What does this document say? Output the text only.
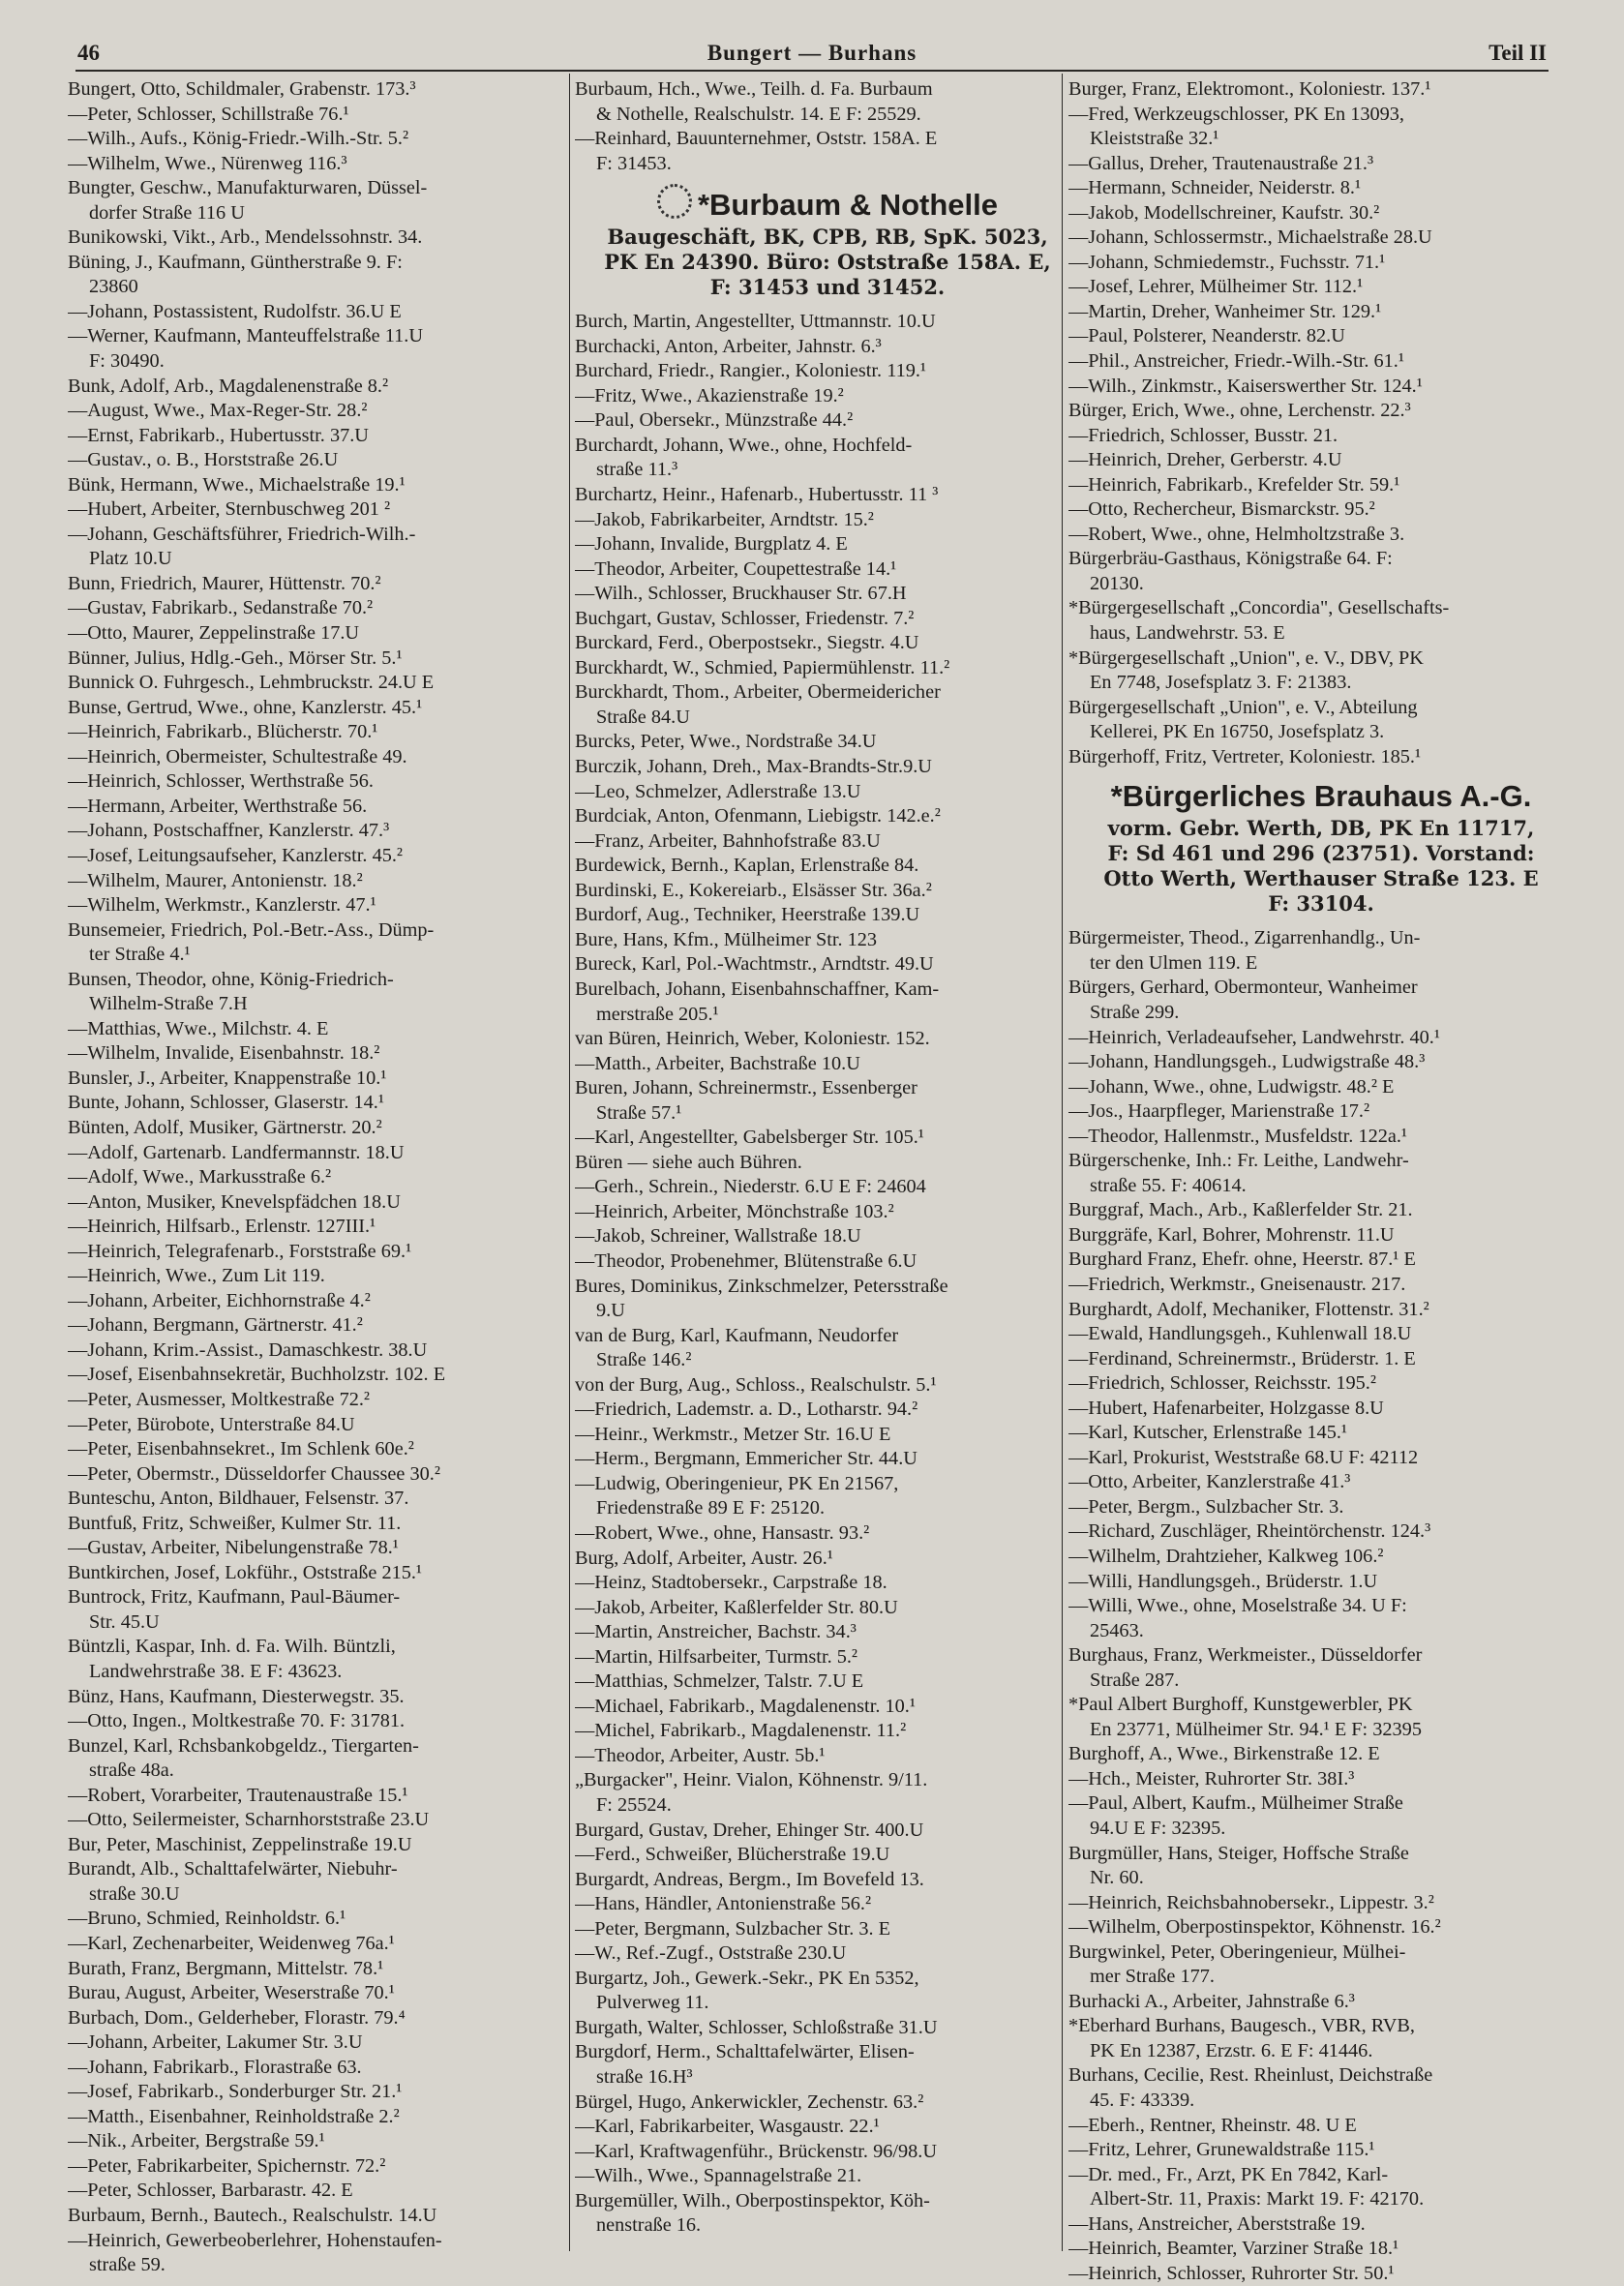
46	Bungert — Burhans	Teil II
Bungert, Otto, Schildmaler, Grabenstr. 173.³
—Peter, Schlosser, Schillstraße 76.¹
—Wilh., Aufs., König-Friedr.-Wilh.-Str. 5.²
—Wilhelm, Wwe., Nürenweg 116.³
Bungter, Geschw., Manufakturwaren, Düssel-
dorfer Straße 116 U
Bunikowski, Vikt., Arb., Mendelssohnstr. 34.
Büning, J., Kaufmann, Güntherstraße 9. F:
23860
—Johann, Postassistent, Rudolfstr. 36.U E
—Werner, Kaufmann, Manteuffelstraße 11.U
F: 30490.
Bunk, Adolf, Arb., Magdalenenstraße 8.²
—August, Wwe., Max-Reger-Str. 28.²
—Ernst, Fabrikarb., Hubertusstr. 37.U
—Gustav., o. B., Horststraße 26.U
Bünk, Hermann, Wwe., Michaelstraße 19.¹
—Hubert, Arbeiter, Sternbuschweg 201 ²
—Johann, Geschäftsführer, Friedrich-Wilh.-
Platz 10.U
Bunn, Friedrich, Maurer, Hüttenstr. 70.²
—Gustav, Fabrikarb., Sedanstraße 70.²
—Otto, Maurer, Zeppelinstraße 17.U
Bünner, Julius, Hdlg.-Geh., Mörser Str. 5.¹
Bunnick O. Fuhrgesch., Lehmbruckstr. 24.U E
Bunse, Gertrud, Wwe., ohne, Kanzlerstr. 45.¹
—Heinrich, Fabrikarb., Blücherstr. 70.¹
—Heinrich, Obermeister, Schultestraße 49.
—Heinrich, Schlosser, Werthstraße 56.
—Hermann, Arbeiter, Werthstraße 56.
—Johann, Postschaffner, Kanzlerstr. 47.³
—Josef, Leitungsaufseher, Kanzlerstr. 45.²
—Wilhelm, Maurer, Antonienstr. 18.²
—Wilhelm, Werkmstr., Kanzlerstr. 47.¹
Bunsemeier, Friedrich, Pol.-Betr.-Ass., Dümp-
ter Straße 4.¹
Bunsen, Theodor, ohne, König-Friedrich-
Wilhelm-Straße 7.H
—Matthias, Wwe., Milchstr. 4. E
—Wilhelm, Invalide, Eisenbahnstr. 18.²
Bunsler, J., Arbeiter, Knappenstraße 10.¹
Bunte, Johann, Schlosser, Glaserstr. 14.¹
Bünten, Adolf, Musiker, Gärtnerstr. 20.²
—Adolf, Gartenarb. Landfermannstr. 18.U
—Adolf, Wwe., Markusstraße 6.²
—Anton, Musiker, Knevelspfädchen 18.U
—Heinrich, Hilfsarb., Erlenstr. 127III.¹
—Heinrich, Telegrafenarb., Forststraße 69.¹
—Heinrich, Wwe., Zum Lit 119.
—Johann, Arbeiter, Eichhornstraße 4.²
—Johann, Bergmann, Gärtnerstr. 41.²
—Johann, Krim.-Assist., Damaschkestr. 38.U
—Josef, Eisenbahnsekretär, Buchholzstr. 102. E
—Peter, Ausmesser, Moltkestraße 72.²
—Peter, Bürobote, Unterstraße 84.U
—Peter, Eisenbahnsekret., Im Schlenk 60e.²
—Peter, Obermstr., Düsseldorfer Chaussee 30.²
Bunteschu, Anton, Bildhauer, Felsenstr. 37.
Buntfuß, Fritz, Schweißer, Kulmer Str. 11.
—Gustav, Arbeiter, Nibelungenstraße 78.¹
Buntkirchen, Josef, Lokführ., Oststraße 215.¹
Buntrock, Fritz, Kaufmann, Paul-Bäumer-
Str. 45.U
Büntzli, Kaspar, Inh. d. Fa. Wilh. Büntzli,
Landwehrstraße 38. E F: 43623.
Bünz, Hans, Kaufmann, Diesterwegstr. 35.
—Otto, Ingen., Moltkestraße 70. F: 31781.
Bunzel, Karl, Rchsbankobgeldz., Tiergarten-
straße 48a.
—Robert, Vorarbeiter, Trautenaustraße 15.¹
—Otto, Seilermeister, Scharnhorststraße 23.U
Bur, Peter, Maschinist, Zeppelinstraße 19.U
Burandt, Alb., Schalttafelwärter, Niebuhr-
straße 30.U
—Bruno, Schmied, Reinholdstr. 6.¹
—Karl, Zechenarbeiter, Weidenweg 76a.¹
Burath, Franz, Bergmann, Mittelstr. 78.¹
Burau, August, Arbeiter, Weserstraße 70.¹
Burbach, Dom., Gelderheber, Florastr. 79.⁴
—Johann, Arbeiter, Lakumer Str. 3.U
—Johann, Fabrikarb., Florastraße 63.
—Josef, Fabrikarb., Sonderburger Str. 21.¹
—Matth., Eisenbahner, Reinholdstraße 2.²
—Nik., Arbeiter, Bergstraße 59.¹
—Peter, Fabrikarbeiter, Spichernstr. 72.²
—Peter, Schlosser, Barbarastr. 42. E
Burbaum, Bernh., Bautech., Realschulstr. 14.U
—Heinrich, Gewerbeoberlehrer, Hohenstaufen-
straße 59.
Burbaum, Hch., Wwe., Teilh. d. Fa. Burbaum
& Nothelle, Realschulstr. 14. E F: 25529.
—Reinhard, Bauunternehmer, Oststr. 158A. E
F: 31453.
*Burbaum & Nothelle
Baugeschäft, BK, CPB, RB, SpK. 5023,
PK En 24390. Büro: Oststraße 158A. E,
F: 31453 und 31452.
Burch, Martin, Angestellter, Uttmannstr. 10.U
Burchacki, Anton, Arbeiter, Jahnstr. 6.³
Burchard, Friedr., Rangier., Koloniestr. 119.¹
—Fritz, Wwe., Akazienstraße 19.²
—Paul, Obersekr., Münzstraße 44.²
Burchardt, Johann, Wwe., ohne, Hochfeld-
straße 11.³
Burchartz, Heinr., Hafenarb., Hubertusstr. 11 ³
—Jakob, Fabrikarbeiter, Arndtstr. 15.²
—Johann, Invalide, Burgplatz 4. E
—Theodor, Arbeiter, Coupettestraße 14.¹
—Wilh., Schlosser, Bruckhauser Str. 67.H
Buchgart, Gustav, Schlosser, Friedenstr. 7.²
Burckard, Ferd., Oberpostsekr., Siegstr. 4.U
Burckhardt, W., Schmied, Papiermühlenstr. 11.²
Burckhardt, Thom., Arbeiter, Obermeidericher
Straße 84.U
Burcks, Peter, Wwe., Nordstraße 34.U
Burczik, Johann, Dreh., Max-Brandts-Str.9.U
—Leo, Schmelzer, Adlerstraße 13.U
Burdciak, Anton, Ofenmann, Liebigstr. 142.e.²
—Franz, Arbeiter, Bahnhofstraße 83.U
Burdewick, Bernh., Kaplan, Erlenstraße 84.
Burdinski, E., Kokereiarb., Elsässer Str. 36a.²
Burdorf, Aug., Techniker, Heerstraße 139.U
Bure, Hans, Kfm., Mülheimer Str. 123
Bureck, Karl, Pol.-Wachtmstr., Arndtstr. 49.U
Burelbach, Johann, Eisenbahnschaffner, Kam-
merstraße 205.¹
van Büren, Heinrich, Weber, Koloniestr. 152.
—Matth., Arbeiter, Bachstraße 10.U
Buren, Johann, Schreinermstr., Essenberger
Straße 57.¹
—Karl, Angestellter, Gabelsberger Str. 105.¹
Büren — siehe auch Bühren.
—Gerh., Schrein., Niederstr. 6.U E F: 24604
—Heinrich, Arbeiter, Mönchstraße 103.²
—Jakob, Schreiner, Wallstraße 18.U
—Theodor, Probenehmer, Blütenstraße 6.U
Bures, Dominikus, Zinkschmelzer, Petersstraße
9.U
van de Burg, Karl, Kaufmann, Neudorfer
Straße 146.²
von der Burg, Aug., Schloss., Realschulstr. 5.¹
—Friedrich, Lademstr. a. D., Lotharstr. 94.²
—Heinr., Werkmstr., Metzer Str. 16.U E
—Herm., Bergmann, Emmericher Str. 44.U
—Ludwig, Oberingenieur, PK En 21567,
Friedenstraße 89 E F: 25120.
—Robert, Wwe., ohne, Hansastr. 93.²
Burg, Adolf, Arbeiter, Austr. 26.¹
—Heinz, Stadtobersekr., Carpstraße 18.
—Jakob, Arbeiter, Kaßlerfelder Str. 80.U
—Martin, Anstreicher, Bachstr. 34.³
—Martin, Hilfsarbeiter, Turmstr. 5.²
—Matthias, Schmelzer, Talstr. 7.U E
—Michael, Fabrikarb., Magdalenenstr. 10.¹
—Michel, Fabrikarb., Magdalenenstr. 11.²
—Theodor, Arbeiter, Austr. 5b.¹
„Burgacker", Heinr. Vialon, Köhnenstr. 9/11.
F: 25524.
Burgard, Gustav, Dreher, Ehinger Str. 400.U
—Ferd., Schweißer, Blücherstraße 19.U
Burgardt, Andreas, Bergm., Im Bovefeld 13.
—Hans, Händler, Antonienstraße 56.²
—Peter, Bergmann, Sulzbacher Str. 3. E
—W., Ref.-Zugf., Oststraße 230.U
Burgartz, Joh., Gewerk.-Sekr., PK En 5352,
Pulverweg 11.
Burgath, Walter, Schlosser, Schloßstraße 31.U
Burgdorf, Herm., Schalttafelwärter, Elisen-
straße 16.H³
Bürgel, Hugo, Ankerwickler, Zechenstr. 63.²
—Karl, Fabrikarbeiter, Wasgaustr. 22.¹
—Karl, Kraftwagenführ., Brückenstr. 96/98.U
—Wilh., Wwe., Spannagelstraße 21.
Burgemüller, Wilh., Oberpostinspektor, Köh-
nenstraße 16.
Burger, Franz, Elektromont., Koloniestr. 137.¹
—Fred, Werkzeugschlosser, PK En 13093,
Kleiststraße 32.¹
—Gallus, Dreher, Trautenaustraße 21.³
—Hermann, Schneider, Neiderstr. 8.¹
—Jakob, Modellschreiner, Kaufstr. 30.²
—Johann, Schlossermstr., Michaelstraße 28.U
—Johann, Schmiedemstr., Fuchsstr. 71.¹
—Josef, Lehrer, Mülheimer Str. 112.¹
—Martin, Dreher, Wanheimer Str. 129.¹
—Paul, Polsterer, Neanderstr. 82.U
—Phil., Anstreicher, Friedr.-Wilh.-Str. 61.¹
—Wilh., Zinkmstr., Kaiserswerther Str. 124.¹
Bürger, Erich, Wwe., ohne, Lerchenstr. 22.³
—Friedrich, Schlosser, Busstr. 21.
—Heinrich, Dreher, Gerberstr. 4.U
—Heinrich, Fabrikarb., Krefelder Str. 59.¹
—Otto, Rechercheur, Bismarckstr. 95.²
—Robert, Wwe., ohne, Helmholtzstraße 3.
Bürgerbräu-Gasthaus, Königstraße 64. F:
20130.
*Bürgergesellschaft „Concordia", Gesellschafts-
haus, Landwehrstr. 53. E
*Bürgergesellschaft „Union", e. V., DBV, PK
En 7748, Josefsplatz 3. F: 21383.
Bürgergesellschaft „Union", e. V., Abteilung
Kellerei, PK En 16750, Josefsplatz 3.
Bürgerhoff, Fritz, Vertreter, Koloniestr. 185.¹
*Bürgerliches Brauhaus A.-G.
vorm. Gebr. Werth, DB, PK En 11717,
F: Sd 461 und 296 (23751). Vorstand:
Otto Werth, Werthauser Straße 123. E
F: 33104.
Bürgermeister, Theod., Zigarrenhandlg., Un-
ter den Ulmen 119. E
Bürgers, Gerhard, Obermonteur, Wanheimer
Straße 299.
—Heinrich, Verladeaufseher, Landwehrstr. 40.¹
—Johann, Handlungsgeh., Ludwigstraße 48.³
—Johann, Wwe., ohne, Ludwigstr. 48.² E
—Jos., Haarpfleger, Marienstraße 17.²
—Theodor, Hallenmstr., Musfeldstr. 122a.¹
Bürgerschenke, Inh.: Fr. Leithe, Landwehr-
straße 55. F: 40614.
Burggraf, Mach., Arb., Kaßlerfelder Str. 21.
Burggräfe, Karl, Bohrer, Mohrenstr. 11.U
Burghard Franz, Ehefr. ohne, Heerstr. 87.¹ E
—Friedrich, Werkmstr., Gneisenaustr. 217.
Burghardt, Adolf, Mechaniker, Flottenstr. 31.²
—Ewald, Handlungsgeh., Kuhlenwall 18.U
—Ferdinand, Schreinermstr., Brüderstr. 1. E
—Friedrich, Schlosser, Reichsstr. 195.²
—Hubert, Hafenarbeiter, Holzgasse 8.U
—Karl, Kutscher, Erlenstraße 145.¹
—Karl, Prokurist, Weststraße 68.U F: 42112
—Otto, Arbeiter, Kanzlerstraße 41.³
—Peter, Bergm., Sulzbacher Str. 3.
—Richard, Zuschläger, Rheintörchenstr. 124.³
—Wilhelm, Drahtzieher, Kalkweg 106.²
—Willi, Handlungsgeh., Brüderstr. 1.U
—Willi, Wwe., ohne, Moselstraße 34. U F:
25463.
Burghaus, Franz, Werkmeister., Düsseldorfer
Straße 287.
*Paul Albert Burghoff, Kunstgewerbler, PK
En 23771, Mülheimer Str. 94.¹ E F: 32395
Burghoff, A., Wwe., Birkenstraße 12. E
—Hch., Meister, Ruhrorter Str. 38I.³
—Paul, Albert, Kaufm., Mülheimer Straße
94.U E F: 32395.
Burgmüller, Hans, Steiger, Hoffsche Straße
Nr. 60.
—Heinrich, Reichsbahnobersekr., Lippestr. 3.²
—Wilhelm, Oberpostinspektor, Köhnenstr. 16.²
Burgwinkel, Peter, Oberingenieur, Mülhei-
mer Straße 177.
Burhacki A., Arbeiter, Jahnstraße 6.³
*Eberhard Burhans, Baugesch., VBR, RVB,
PK En 12387, Erzstr. 6. E F: 41446.
Burhans, Cecilie, Rest. Rheinlust, Deichstraße
45. F: 43339.
—Eberh., Rentner, Rheinstr. 48. U E
—Fritz, Lehrer, Grunewaldstraße 115.¹
—Dr. med., Fr., Arzt, PK En 7842, Karl-
Albert-Str. 11, Praxis: Markt 19. F: 42170.
—Hans, Anstreicher, Aberststraße 19.
—Heinrich, Beamter, Varziner Straße 18.¹
—Heinrich, Schlosser, Ruhrorter Str. 50.¹
